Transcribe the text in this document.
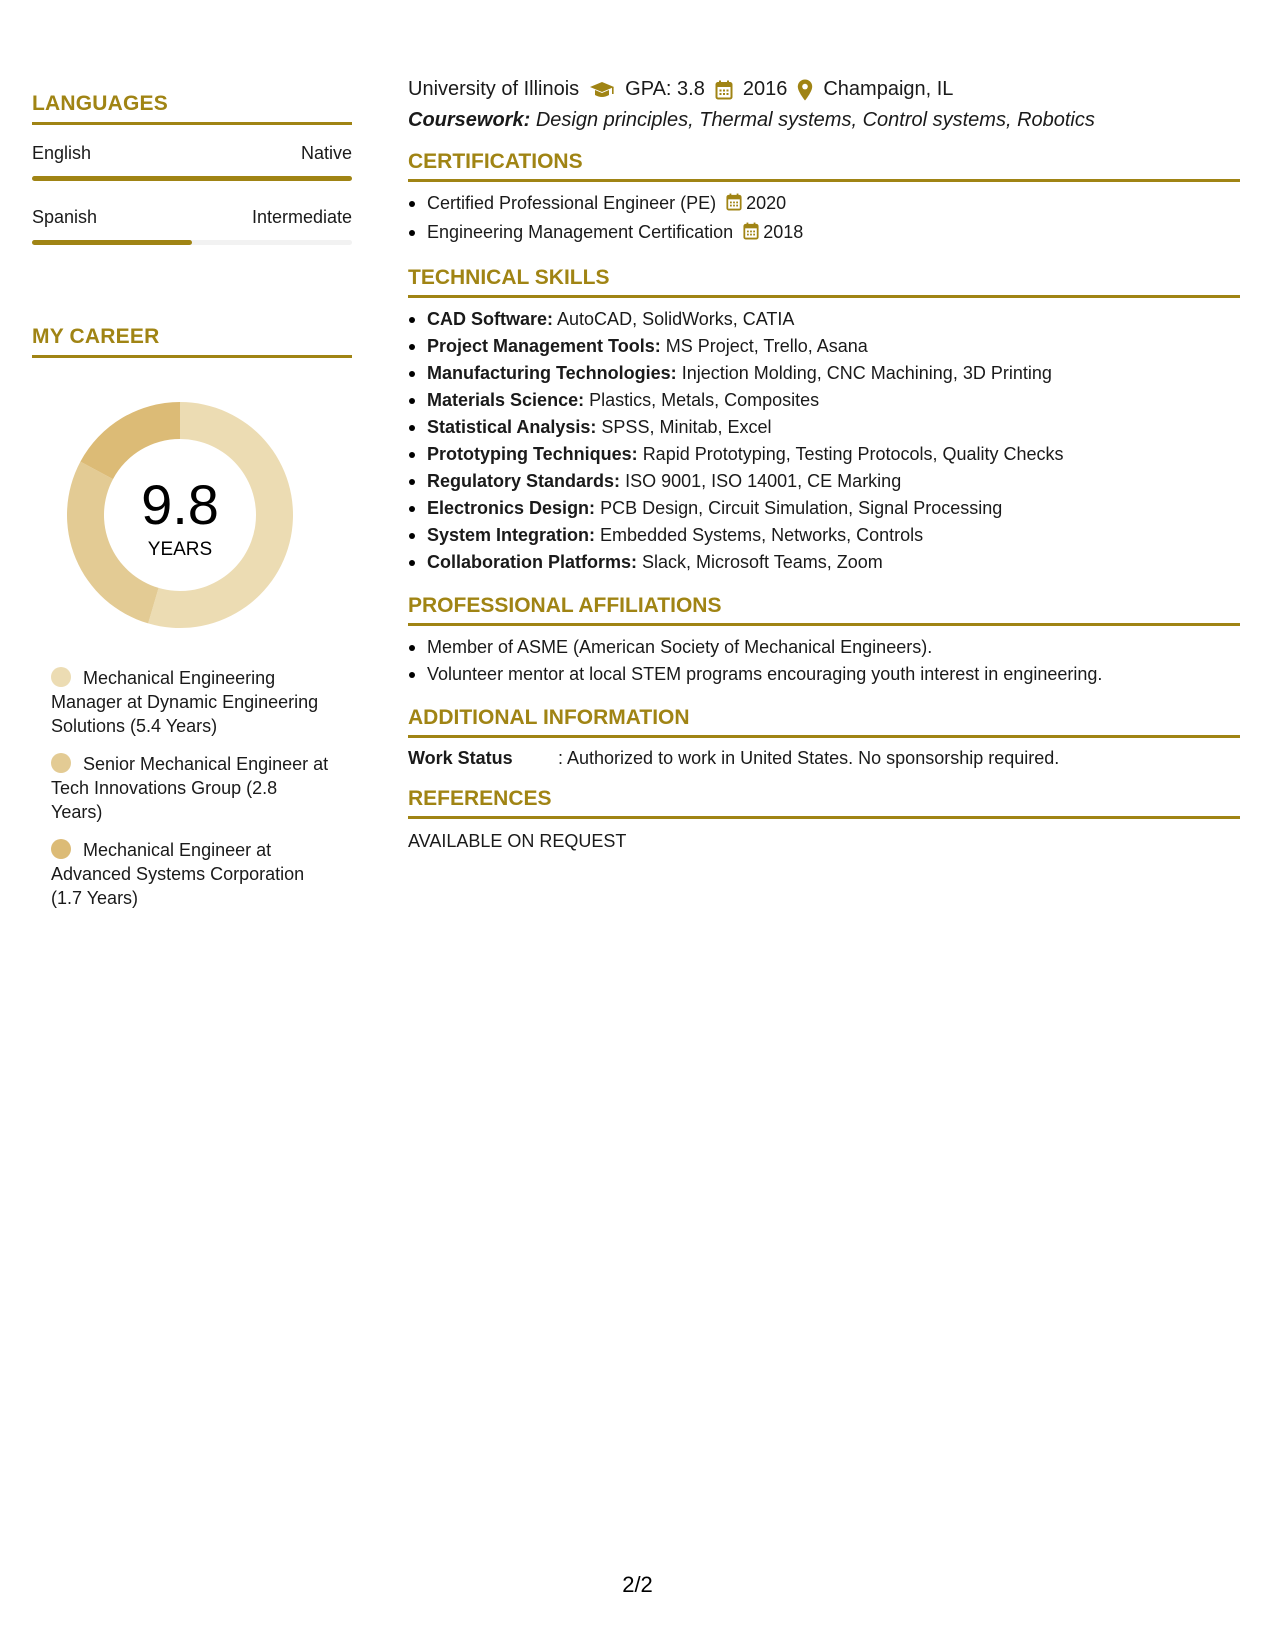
LANGUAGES
English	Native
Spanish	Intermediate
MY CAREER
9.8
YEARS
Mechanical Engineering Manager at Dynamic Engineering Solutions (5.4 Years)
Senior Mechanical Engineer at Tech Innovations Group (2.8 Years)
Mechanical Engineer at Advanced Systems Corporation (1.7 Years)
University of Illinois GPA: 3.8 2016 Champaign, IL
Coursework: Design principles, Thermal systems, Control systems, Robotics
CERTIFICATIONS
Certified Professional Engineer (PE) 2020
Engineering Management Certification 2018
TECHNICAL SKILLS
CAD Software: AutoCAD, SolidWorks, CATIA
Project Management Tools: MS Project, Trello, Asana
Manufacturing Technologies: Injection Molding, CNC Machining, 3D Printing
Materials Science: Plastics, Metals, Composites
Statistical Analysis: SPSS, Minitab, Excel
Prototyping Techniques: Rapid Prototyping, Testing Protocols, Quality Checks
Regulatory Standards: ISO 9001, ISO 14001, CE Marking
Electronics Design: PCB Design, Circuit Simulation, Signal Processing
System Integration: Embedded Systems, Networks, Controls
Collaboration Platforms: Slack, Microsoft Teams, Zoom
PROFESSIONAL AFFILIATIONS
Member of ASME (American Society of Mechanical Engineers).
Volunteer mentor at local STEM programs encouraging youth interest in engineering.
ADDITIONAL INFORMATION
Work Status	: Authorized to work in United States. No sponsorship required.
REFERENCES
AVAILABLE ON REQUEST
2/2
